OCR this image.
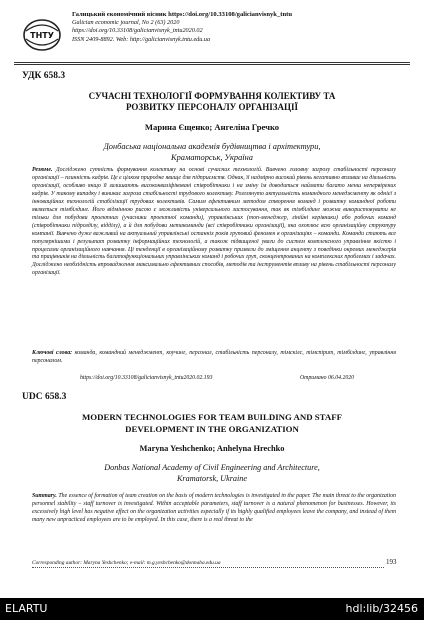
ТНТУ
Галицький економічний вісник https://doi.org/10.33108/galicianvisnyk_tntu
Galician economic journal, No 2 (63) 2020
https://doi.org/10.33108/galicianvisnyk_tntu2020.02
ISSN 2409-8892. Web: http://galicianvisnyk.tntu.edu.ua
УДК 658.3
СУЧАСНІ ТЕХНОЛОГІЇ ФОРМУВАННЯ КОЛЕКТИВУ ТА
РОЗВИТКУ ПЕРСОНАЛУ ОРГАНІЗАЦІЇ
Марина Єщенко; Ангеліна Гречко
Донбаська національна академія будівництва і архітектури,
Краматорськ, Україна
Резюме. Досліджено сутність формування колективу на основі сучасних технологій. Вивчено головну загрозу стабільності персоналу організації – плинність кадрів. Це є цілком природне явище для підприємств. Однак, її надмірно високий рівень негативно впливає на діяльність організації, особливо якщо її залишають висококваліфіковані співробітники і на зміну їм доводиться наймати багато менш непервірених кадрів. У такому випадку і виникає загроза стабільності трудового колективу. Розглянуто актуальність командного менеджменту як однієї з інноваційних технологій стабілізації трудових колективів. Самим ефективним методом створення команд і розвитку командної роботи являється тімбілдинг. Його відмінною рисою є можливість універсального застосування, так як тімбілдинг можна використовувати не тільки для побудови проектних (учасники проектної команди), управлінських (топ-менеджер, лінійні керівники) або робочих команд (співробітники підрозділу, відділу), а й для побудови метакоманди (всі співробітники організації), яка охоплює всю організаційну структуру компанії. Вивчено дуже важливий на актуальний управлінські останніх років груповий феномен в організаціях – команди. Команди стають все популярнішими і результат розвитку інформаційних технологій, а також підвищеної уваги до систем комплексного управління якістю і процесами організаційного навчання. Ці тенденції в організаційному розвитку призвели до зміщення акценту з поведінки окремих менеджерів та працівників на діяльність багатофункціональних управлінських команд і робочих груп, сконцентрованих на комплексних проблемах і задачах. Досліджено необхідність впровадження максимально ефективних способів, методів та інструментів впливу на рівень стабільності персоналу організації.
Ключові слова: команда, командний менеджмент, коучинг, персонал, стабільність персоналу, тімскілс, тімспірит, тімбілдинг, управління персоналом.
https://doi.org/10.33108/galicianvisnyk_tntu2020.02.193	Отримано 06.04.2020
UDC 658.3
MODERN TECHNOLOGIES FOR TEAM BUILDING AND STAFF
DEVELOPMENT IN THE ORGANIZATION
Maryna Yeshchenko; Anhelyna Hrechko
Donbas National Academy of Civil Engineering and Architecture,
Kramatorsk, Ukraine
Summary. The essence of formation of team creation on the basis of modern technologies is investigated in the paper. The main threat to the organization personnel stability – staff turnover is investigated. Within acceptable parameters, staff turnover is a natural phenomenon for businesses. However, its excessively high level has negative effect on the organization activities especially if its highly qualified employees leave the company, and instead of them many new unpracticed employees are to be employed. In this case, there is a real threat to the
Corresponding author: Maryna Yeshchenko; e-mail: m.g.yeshchenko@donnaba.edu.ua	193
ELARTU	hdl:lib/32456
